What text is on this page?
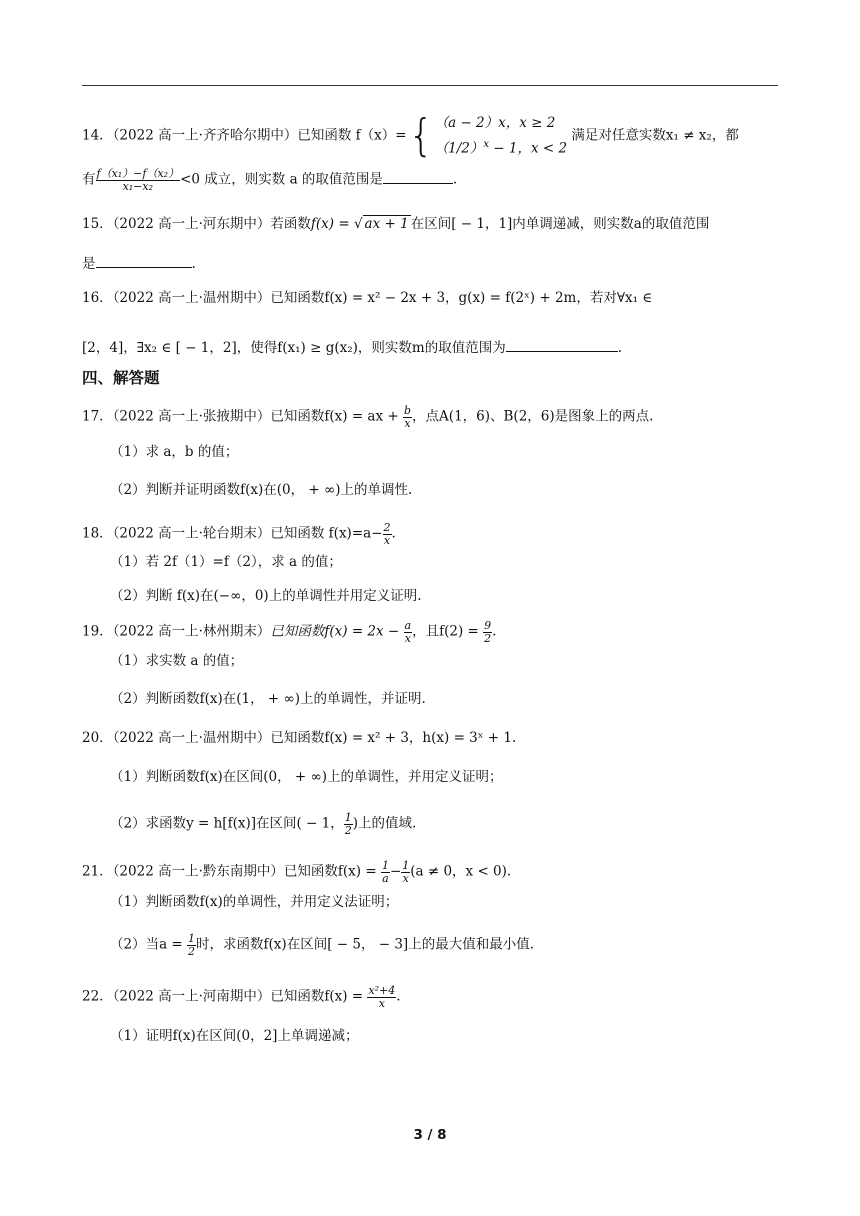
14．（2022 高一上·齐齐哈尔期中）已知函数 f（x）={ （a − 2）x，x ≥ 2
$(1/2)^x - 1$，x < 2
满足对任意实数x₁ ≠ x₂，都
有 $\frac{\text{f（x₁）−f（x₂）}}{\text{x₁−x₂}} <0$ 成立，则实数 a 的取值范围是	.
15．（2022 高一上·河东期中）若函数f(x) = √ ax + 1 在区间[ − 1，1]内单调递减，则实数a的取值范围
是	.
16．（2022 高一上·温州期中）已知函数f(x) = x² − 2x + 3，g(x) = f(2ˣ) + 2m，若对∀x₁ ∈
[2，4]，∃x₂ ∈ [ − 1，2]，使得f(x₁) ≥ g(x₂)，则实数m的取值范围为	.
四、解答题
17．（2022 高一上·张掖期中）已知函数f(x) = ax + $\frac{b}{x}$ ，点A(1，6)、B(2，6)是图象上的两点.
（1）求 a，b 的值；
（2）判断并证明函数f(x)在(0， + ∞)上的单调性.
18．（2022 高一上·轮台期末）已知函数 $f(x)=a- \frac{2}{x}$ .
（1）若 2f（1）=f（2），求 a 的值；
（2）判断 f(x)在(−∞，0)上的单调性并用定义证明.
19．（2022 高一上·林州期末）已知函数$f(x) = 2x - \frac{a}{x}$ ，且$f(2) = \frac{9}{2}$ .
（1）求实数 a 的值；
（2）判断函数f(x)在(1， + ∞)上的单调性，并证明.
20．（2022 高一上·温州期中）已知函数f(x) = x² + 3，h(x) = 3ˣ + 1.
（1）判断函数f(x)在区间(0， + ∞)上的单调性，并用定义证明；
（2）求函数y = h[f(x)]在区间( − 1， $\frac{1}{2}$ )上的值域.
21．（2022 高一上·黔东南期中）已知函数$f(x) = \frac{1}{a} - \frac{1}{x} (a \ne 0$，x < 0).
（1）判断函数f(x)的单调性，并用定义法证明；
（2）当$a = \frac{1}{2}$ 时，求函数f(x)在区间[ − 5， − 3]上的最大值和最小值.
22．（2022 高一上·河南期中）已知函数$f(x) = \frac{\text{x²+4}}{x}$ .
（1）证明f(x)在区间(0，2]上单调递减；
3 / 8
